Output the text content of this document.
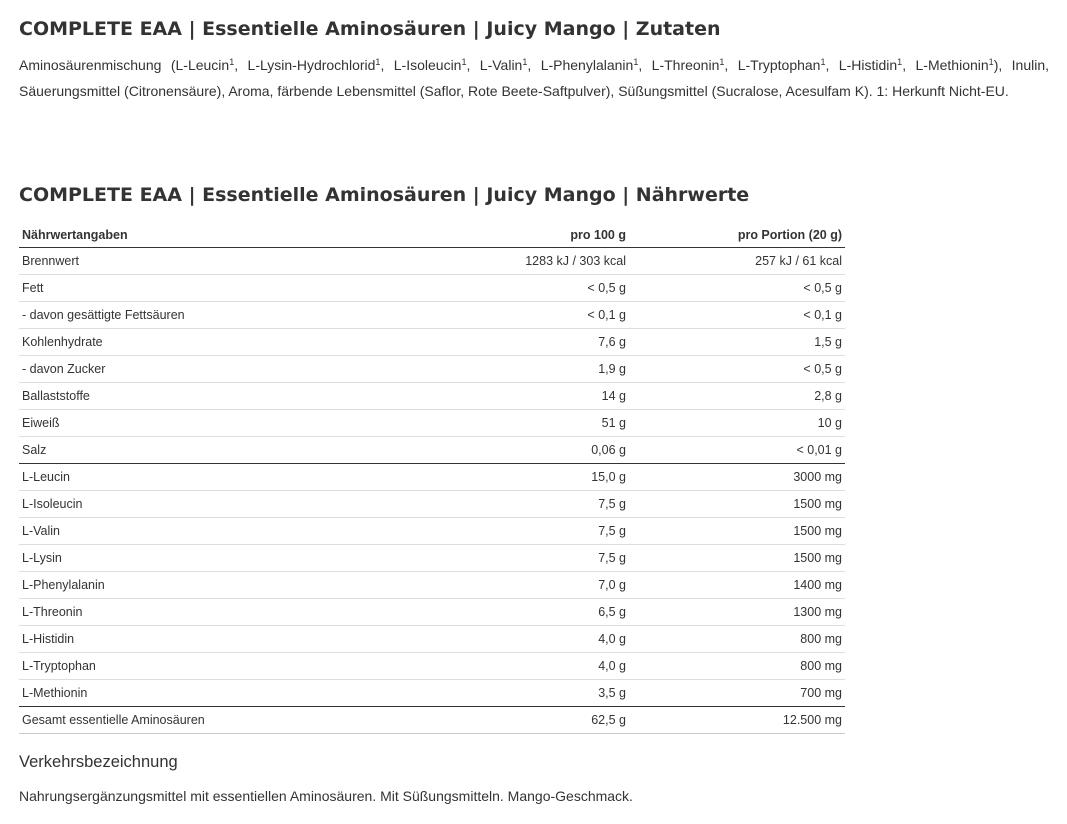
COMPLETE EAA | Essentielle Aminosäuren | Juicy Mango | Zutaten
Aminosäurenmischung (L-Leucin$^1$, L-Lysin-Hydrochlorid$^1$, L-Isoleucin$^1$, L-Valin$^1$, L-Phenylalanin$^1$, L-Threonin$^1$, L-Tryptophan$^1$, L-Histidin$^1$, L-Methionin$^1$), Inulin, Säuerungsmittel (Citronensäure), Aroma, färbende Lebensmittel (Saflor, Rote Beete-Saftpulver), Süßungsmittel (Sucralose, Acesulfam K). 1: Herkunft Nicht-EU.
COMPLETE EAA | Essentielle Aminosäuren | Juicy Mango | Nährwerte
Nährwertangaben	pro 100 g	pro Portion (20 g)
Brennwert	1283 kJ / 303 kcal	257 kJ / 61 kcal
Fett	< 0,5 g	< 0,5 g
- davon gesättigte Fettsäuren	< 0,1 g	< 0,1 g
Kohlenhydrate	7,6 g	1,5 g
- davon Zucker	1,9 g	< 0,5 g
Ballaststoffe	14 g	2,8 g
Eiweiß	51 g	10 g
Salz	0,06 g	< 0,01 g
L-Leucin	15,0 g	3000 mg
L-Isoleucin	7,5 g	1500 mg
L-Valin	7,5 g	1500 mg
L-Lysin	7,5 g	1500 mg
L-Phenylalanin	7,0 g	1400 mg
L-Threonin	6,5 g	1300 mg
L-Histidin	4,0 g	800 mg
L-Tryptophan	4,0 g	800 mg
L-Methionin	3,5 g	700 mg
Gesamt essentielle Aminosäuren	62,5 g	12.500 mg
Verkehrsbezeichnung
Nahrungsergänzungsmittel mit essentiellen Aminosäuren. Mit Süßungsmitteln. Mango-Geschmack.
